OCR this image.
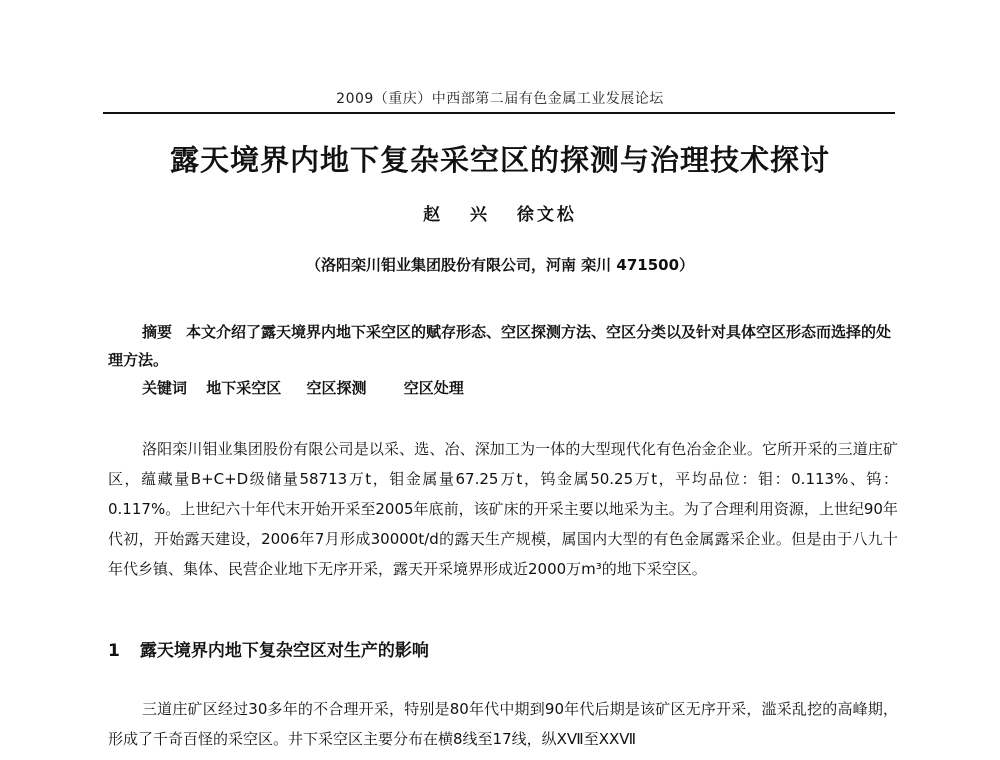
2009（重庆）中西部第二届有色金属工业发展论坛
露天境界内地下复杂采空区的探测与治理技术探讨
赵 兴 徐文松
（洛阳栾川钼业集团股份有限公司，河南 栾川 471500）
摘要 本文介绍了露天境界内地下采空区的赋存形态、空区探测方法、空区分类以及针对具体空区形态而选择的处理方法。
关键词 地下采空区 空区探测 空区处理

洛阳栾川钼业集团股份有限公司是以采、选、冶、深加工为一体的大型现代化有色冶金企业。它所开采的三道庄矿区，蕴藏量B+C+D级储量58713万t，钼金属量67.25万t，钨金属50.25万t，平均品位：钼：0.113%、钨：0.117%。上世纪六十年代末开始开采至2005年底前，该矿床的开采主要以地采为主。为了合理利用资源，上世纪90年代初，开始露天建设，2006年7月形成30000t/d的露天生产规模，属国内大型的有色金属露采企业。但是由于八九十年代乡镇、集体、民营企业地下无序开采，露天开采境界形成近2000万m³的地下采空区。

1 露天境界内地下复杂空区对生产的影响

三道庄矿区经过30多年的不合理开采，特别是80年代中期到90年代后期是该矿区无序开采，滥采乱挖的高峰期，形成了千奇百怪的采空区。井下采空区主要分布在横8线至17线，纵XⅦ至XXⅦ
